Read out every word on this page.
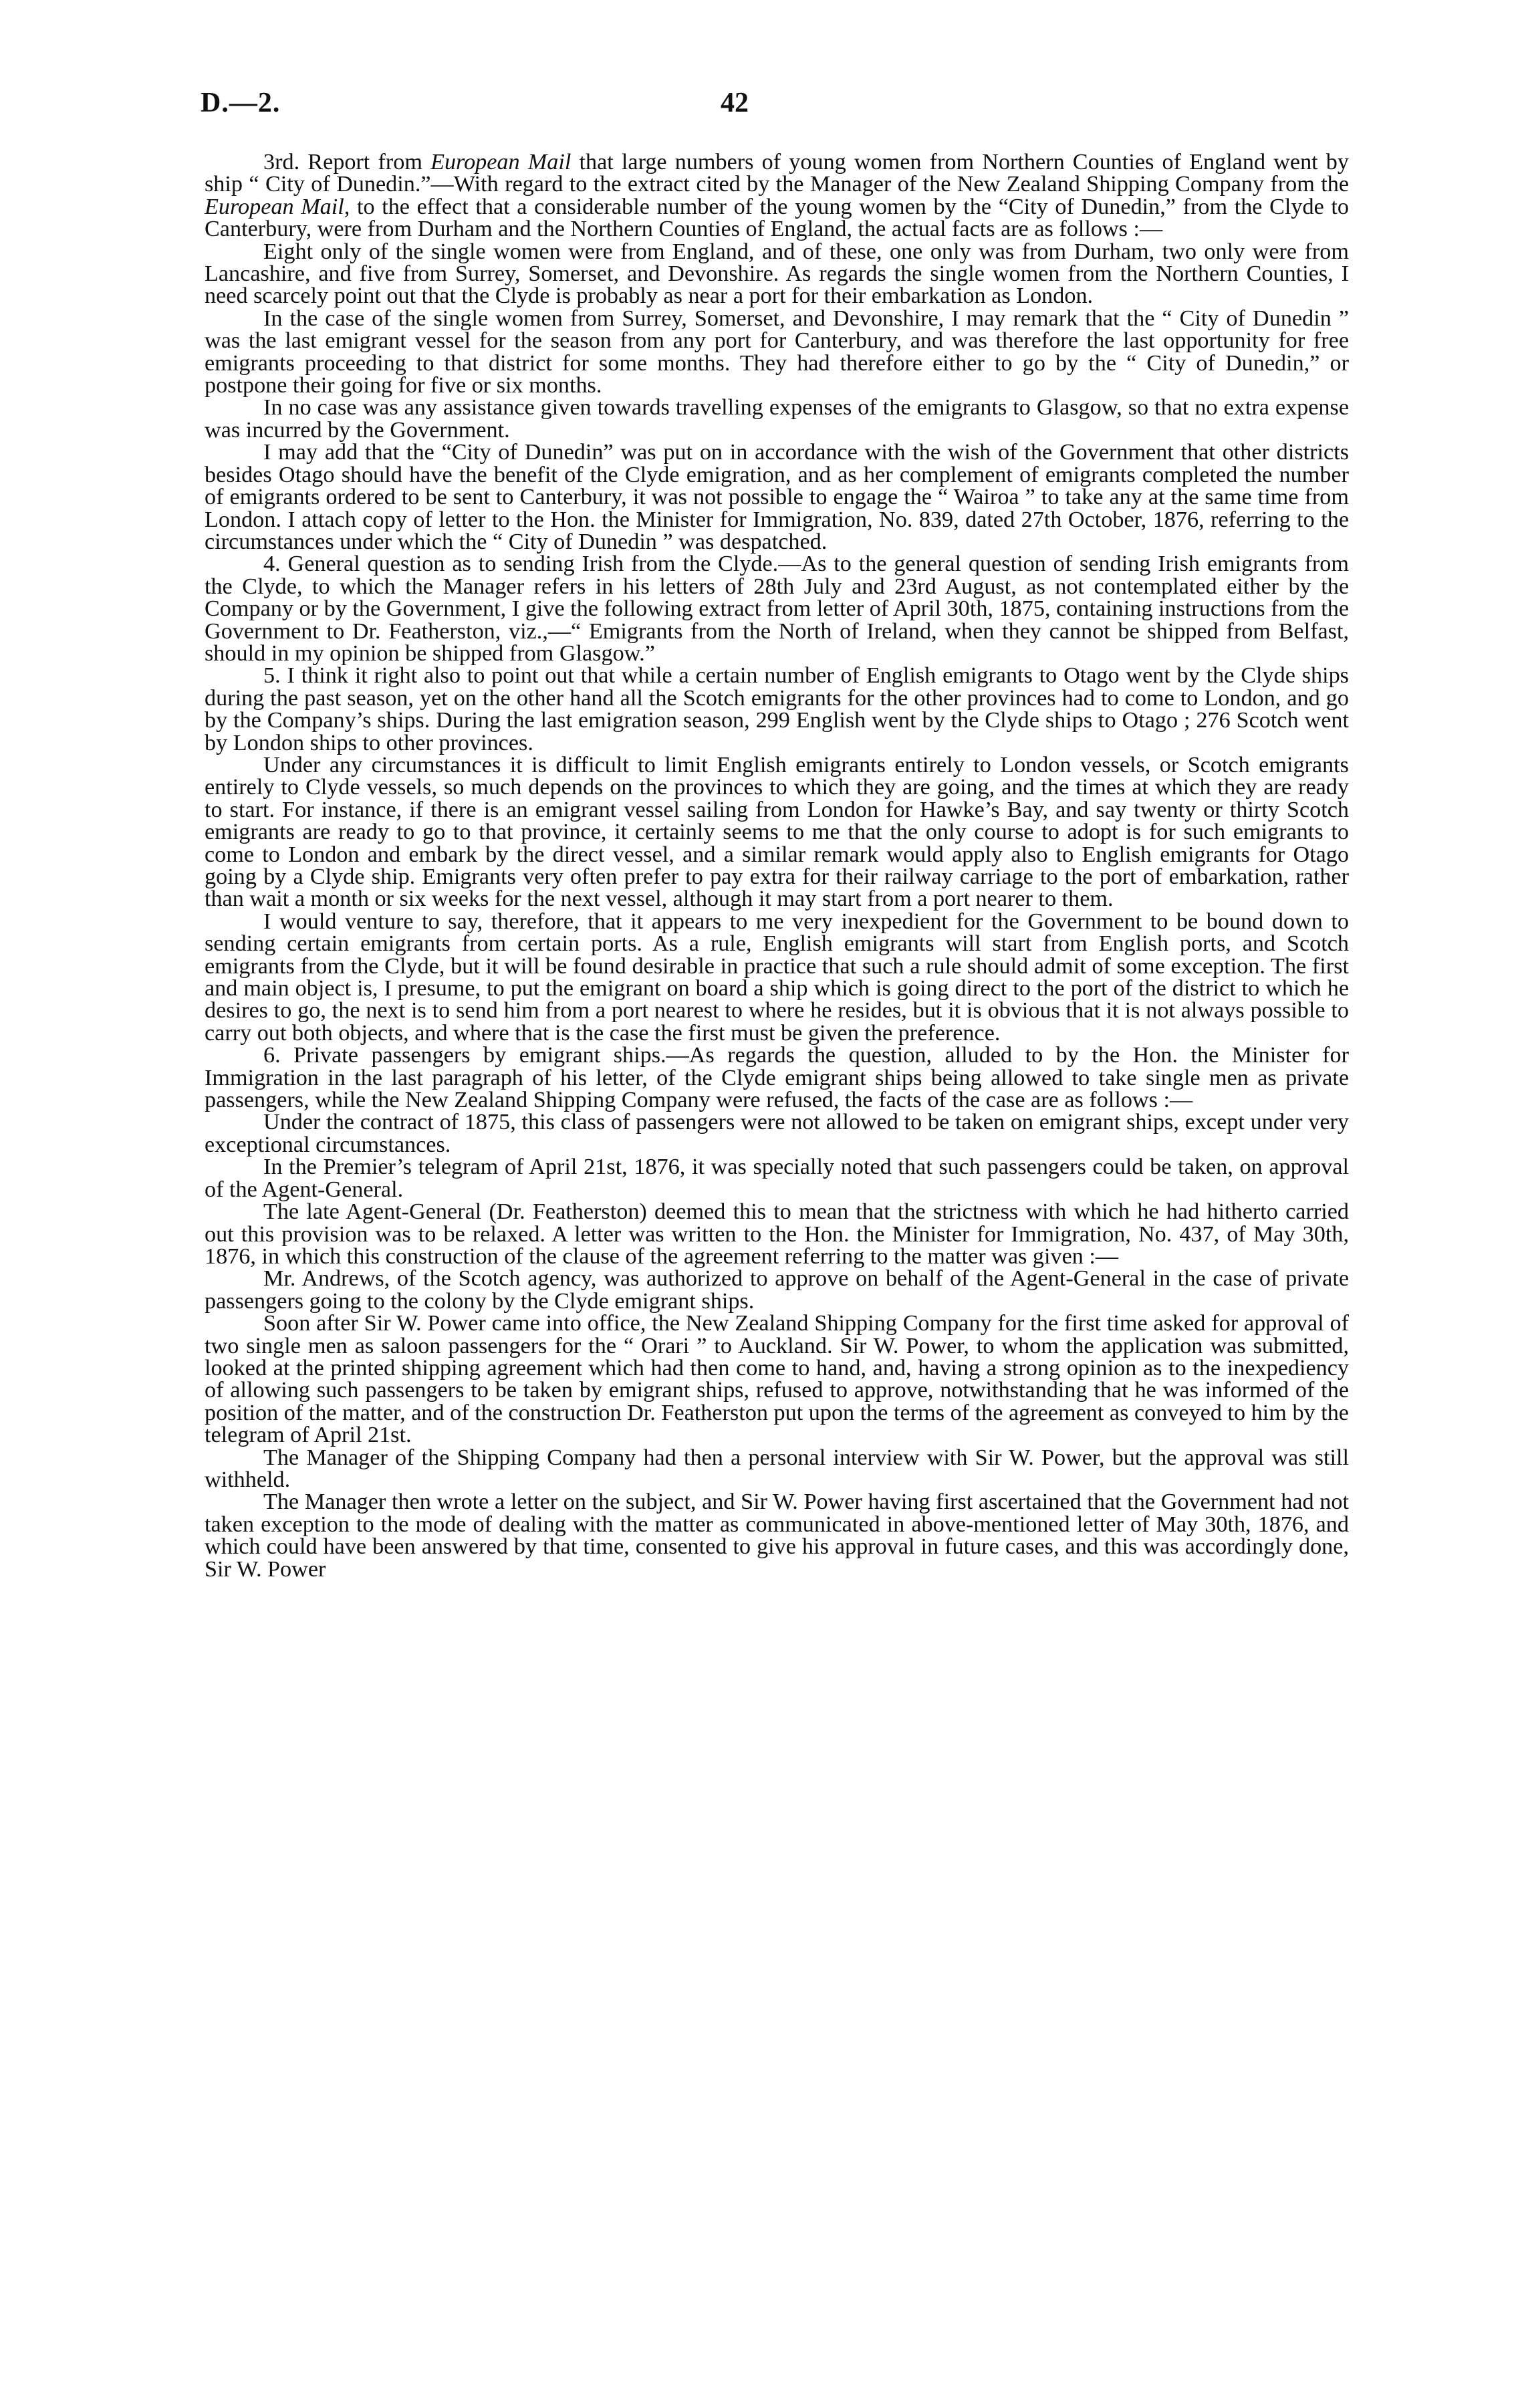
D.—2.	42

3rd. Report from European Mail that large numbers of young women from Northern Counties of England went by ship “ City of Dunedin.”—With regard to the extract cited by the Manager of the New Zealand Shipping Company from the European Mail, to the effect that a considerable number of the young women by the “City of Dunedin,” from the Clyde to Canterbury, were from Durham and the Northern Counties of England, the actual facts are as follows :—

Eight only of the single women were from England, and of these, one only was from Durham, two only were from Lancashire, and five from Surrey, Somerset, and Devonshire. As regards the single women from the Northern Counties, I need scarcely point out that the Clyde is probably as near a port for their embarkation as London.

In the case of the single women from Surrey, Somerset, and Devonshire, I may remark that the “ City of Dunedin ” was the last emigrant vessel for the season from any port for Canterbury, and was therefore the last opportunity for free emigrants proceeding to that district for some months. They had therefore either to go by the “ City of Dunedin,” or postpone their going for five or six months.

In no case was any assistance given towards travelling expenses of the emigrants to Glasgow, so that no extra expense was incurred by the Government.

I may add that the “City of Dunedin” was put on in accordance with the wish of the Government that other districts besides Otago should have the benefit of the Clyde emigration, and as her complement of emigrants completed the number of emigrants ordered to be sent to Canterbury, it was not possible to engage the “ Wairoa ” to take any at the same time from London. I attach copy of letter to the Hon. the Minister for Immigration, No. 839, dated 27th October, 1876, referring to the circumstances under which the “ City of Dunedin ” was despatched.

4. General question as to sending Irish from the Clyde.—As to the general question of sending Irish emigrants from the Clyde, to which the Manager refers in his letters of 28th July and 23rd August, as not contemplated either by the Company or by the Government, I give the following extract from letter of April 30th, 1875, containing instructions from the Government to Dr. Featherston, viz.,—“ Emigrants from the North of Ireland, when they cannot be shipped from Belfast, should in my opinion be shipped from Glasgow.”

5. I think it right also to point out that while a certain number of English emigrants to Otago went by the Clyde ships during the past season, yet on the other hand all the Scotch emigrants for the other provinces had to come to London, and go by the Company’s ships. During the last emigration season, 299 English went by the Clyde ships to Otago ; 276 Scotch went by London ships to other provinces.

Under any circumstances it is difficult to limit English emigrants entirely to London vessels, or Scotch emigrants entirely to Clyde vessels, so much depends on the provinces to which they are going, and the times at which they are ready to start. For instance, if there is an emigrant vessel sailing from London for Hawke’s Bay, and say twenty or thirty Scotch emigrants are ready to go to that province, it certainly seems to me that the only course to adopt is for such emigrants to come to London and embark by the direct vessel, and a similar remark would apply also to English emigrants for Otago going by a Clyde ship. Emigrants very often prefer to pay extra for their railway carriage to the port of embarkation, rather than wait a month or six weeks for the next vessel, although it may start from a port nearer to them.

I would venture to say, therefore, that it appears to me very inexpedient for the Government to be bound down to sending certain emigrants from certain ports. As a rule, English emigrants will start from English ports, and Scotch emigrants from the Clyde, but it will be found desirable in practice that such a rule should admit of some exception. The first and main object is, I presume, to put the emigrant on board a ship which is going direct to the port of the district to which he desires to go, the next is to send him from a port nearest to where he resides, but it is obvious that it is not always possible to carry out both objects, and where that is the case the first must be given the preference.

6. Private passengers by emigrant ships.—As regards the question, alluded to by the Hon. the Minister for Immigration in the last paragraph of his letter, of the Clyde emigrant ships being allowed to take single men as private passengers, while the New Zealand Shipping Company were refused, the facts of the case are as follows :—

Under the contract of 1875, this class of passengers were not allowed to be taken on emigrant ships, except under very exceptional circumstances.

In the Premier’s telegram of April 21st, 1876, it was specially noted that such passengers could be taken, on approval of the Agent-General.

The late Agent-General (Dr. Featherston) deemed this to mean that the strictness with which he had hitherto carried out this provision was to be relaxed. A letter was written to the Hon. the Minister for Immigration, No. 437, of May 30th, 1876, in which this construction of the clause of the agreement referring to the matter was given :—

Mr. Andrews, of the Scotch agency, was authorized to approve on behalf of the Agent-General in the case of private passengers going to the colony by the Clyde emigrant ships.

Soon after Sir W. Power came into office, the New Zealand Shipping Company for the first time asked for approval of two single men as saloon passengers for the “ Orari ” to Auckland. Sir W. Power, to whom the application was submitted, looked at the printed shipping agreement which had then come to hand, and, having a strong opinion as to the inexpediency of allowing such passengers to be taken by emigrant ships, refused to approve, notwithstanding that he was informed of the position of the matter, and of the construction Dr. Featherston put upon the terms of the agreement as conveyed to him by the telegram of April 21st.

The Manager of the Shipping Company had then a personal interview with Sir W. Power, but the approval was still withheld.

The Manager then wrote a letter on the subject, and Sir W. Power having first ascertained that the Government had not taken exception to the mode of dealing with the matter as communicated in above-mentioned letter of May 30th, 1876, and which could have been answered by that time, consented to give his approval in future cases, and this was accordingly done, Sir W. Power
